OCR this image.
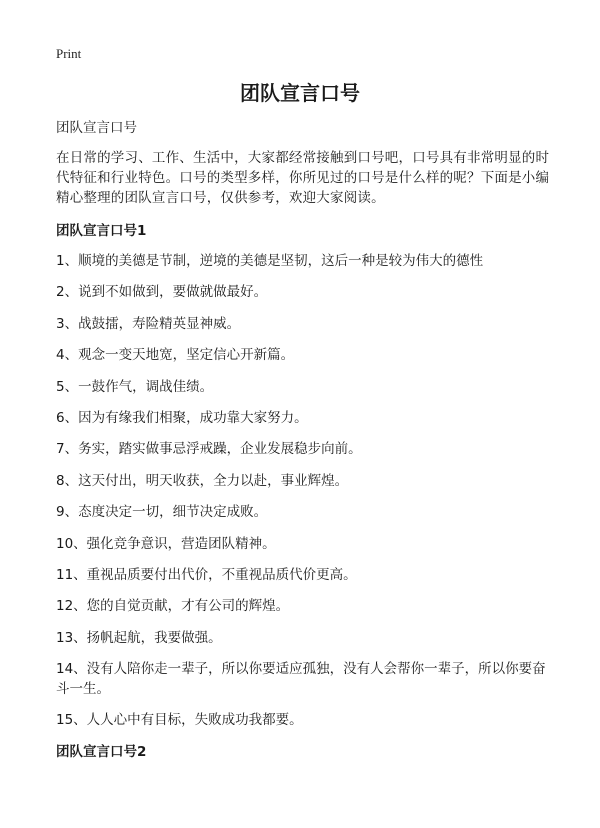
Print
团队宣言口号

团队宣言口号

在日常的学习、工作、生活中，大家都经常接触到口号吧，口号具有非常明显的时代特征和行业特色。口号的类型多样，你所见过的口号是什么样的呢？下面是小编精心整理的团队宣言口号，仅供参考，欢迎大家阅读。

团队宣言口号1
1、顺境的美德是节制，逆境的美德是坚韧，这后一种是较为伟大的德性
2、说到不如做到，要做就做最好。
3、战鼓擂，寿险精英显神威。
4、观念一变天地宽，坚定信心开新篇。
5、一鼓作气，调战佳绩。
6、因为有缘我们相聚，成功靠大家努力。
7、务实，踏实做事忌浮戒躁，企业发展稳步向前。
8、这天付出，明天收获，全力以赴，事业辉煌。
9、态度决定一切，细节决定成败。
10、强化竞争意识，营造团队精神。
11、重视品质要付出代价，不重视品质代价更高。
12、您的自觉贡献，才有公司的辉煌。
13、扬帆起航，我要做强。
14、没有人陪你走一辈子，所以你要适应孤独，没有人会帮你一辈子，所以你要奋斗一生。
15、人人心中有目标，失败成功我都要。
团队宣言口号2
